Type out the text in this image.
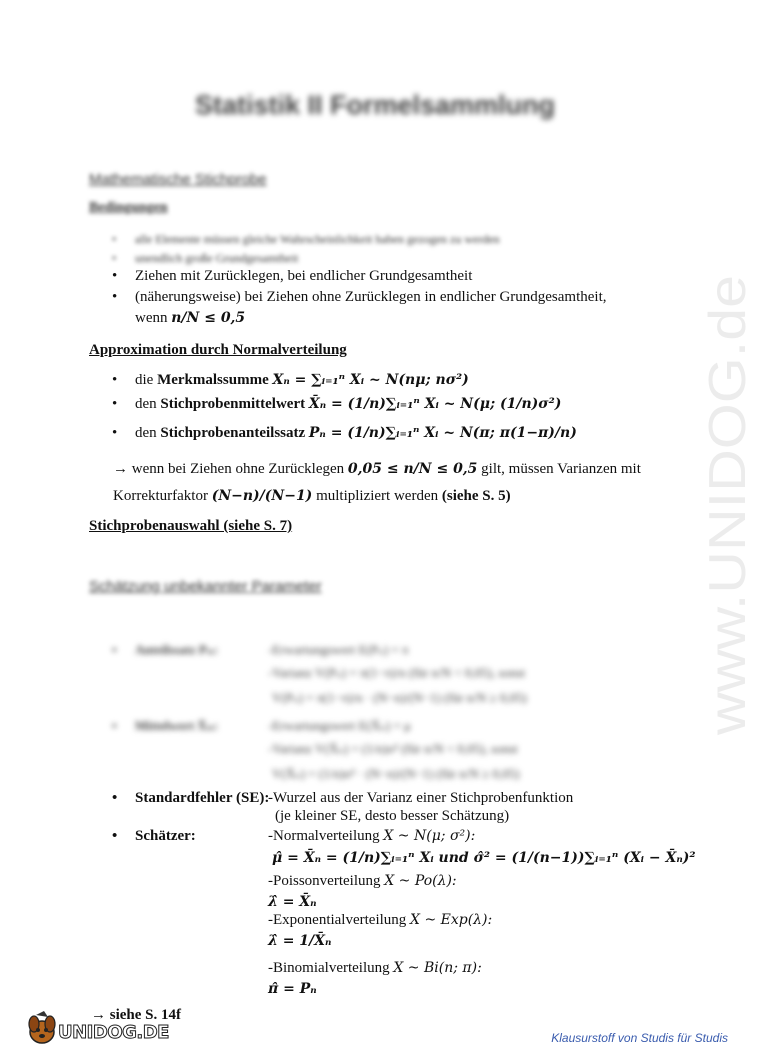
Statistik II Formelsammlung
Mathematische Stichprobe
Bedingungen
• alle Elemente müssen gleiche Wahrscheinlichkeit haben gezogen zu werden
• unendlich große Grundgesamtheit
• Ziehen mit Zurücklegen, bei endlicher Grundgesamtheit
• (näherungsweise) bei Ziehen ohne Zurücklegen in endlicher Grundgesamtheit,
wenn n/N ≤ 0,5
Approximation durch Normalverteilung
• die Merkmalssumme Xₙ = ∑ᵢ₌₁ⁿ Xᵢ ~ N(nμ; nσ²)
• den Stichprobenmittelwert X̄ₙ = (1/n)∑ᵢ₌₁ⁿ Xᵢ ~ N(μ; (1/n)σ²)
• den Stichprobenanteilssatz Pₙ = (1/n)∑ᵢ₌₁ⁿ Xᵢ ~ N(π; π(1−π)/n)
→ wenn bei Ziehen ohne Zurücklegen 0,05 ≤ n/N ≤ 0,5 gilt, müssen Varianzen mit
Korrekturfaktor (N−n)/(N−1) multipliziert werden (siehe S. 5)
Stichprobenauswahl (siehe S. 7)
Schätzung unbekannter Parameter
• Anteilssatz Pₙ:	-Erwartungswert E(Pₙ) = π
-Varianz V(Pₙ) = π(1−π)/n (für n/N < 0,05), sonst
V(Pₙ) = π(1−π)/n · (N−n)/(N−1) (für n/N ≥ 0,05)
• Mittelwert X̄ₙ:	-Erwartungswert E(X̄ₙ) = μ
-Varianz V(X̄ₙ) = (1/n)σ² (für n/N < 0,05), sonst
V(X̄ₙ) = (1/n)σ² · (N−n)/(N−1) (für n/N ≥ 0,05)
• Standardfehler (SE):
-Wurzel aus der Varianz einer Stichprobenfunktion
(je kleiner SE, desto besser Schätzung)
• Schätzer:	-Normalverteilung X ~ N(μ; σ²):
μ̂ = X̄ₙ = (1/n)∑ᵢ₌₁ⁿ Xᵢ und σ̂² = (1/(n−1))∑ᵢ₌₁ⁿ (Xᵢ − X̄ₙ)²
-Poissonverteilung X ~ Po(λ):
λ̂ = X̄ₙ
-Exponentialverteilung X ~ Exp(λ):
λ̂ = 1/X̄ₙ
-Binomialverteilung X ~ Bi(n; π):
π̂ = Pₙ
→ siehe S. 14f
www.UNIDOG.de
UNIDOG.DE	Klausurstoff von Studis für Studis
